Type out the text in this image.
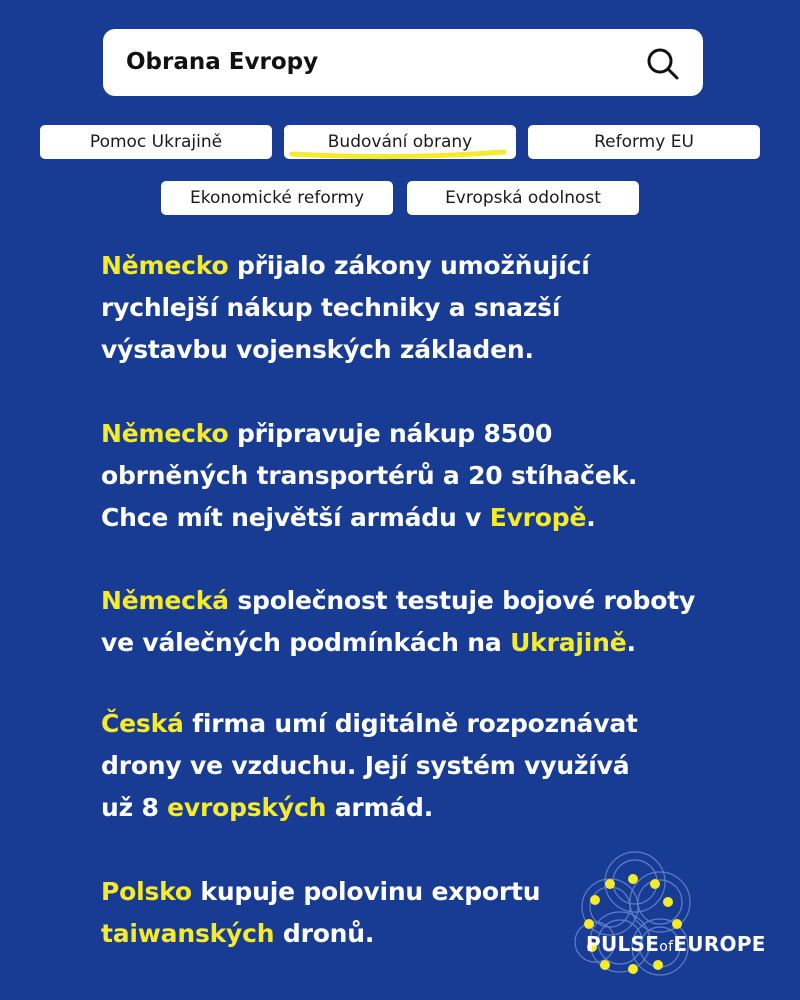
Obrana Evropy
Pomoc Ukrajině	Budování obrany	Reformy EU
Ekonomické reformy	Evropská odolnost
Německo přijalo zákony umožňující
rychlejší nákup techniky a snazší
výstavbu vojenských základen.
Německo připravuje nákup 8500
obrněných transportérů a 20 stíhaček.
Chce mít největší armádu v Evropě.
Německá společnost testuje bojové roboty
ve válečných podmínkách na Ukrajině.
Česká firma umí digitálně rozpoznávat
drony ve vzduchu. Její systém využívá
už 8 evropských armád.
Polsko kupuje polovinu exportu
taiwanských dronů.	PULSEofEUROPE
